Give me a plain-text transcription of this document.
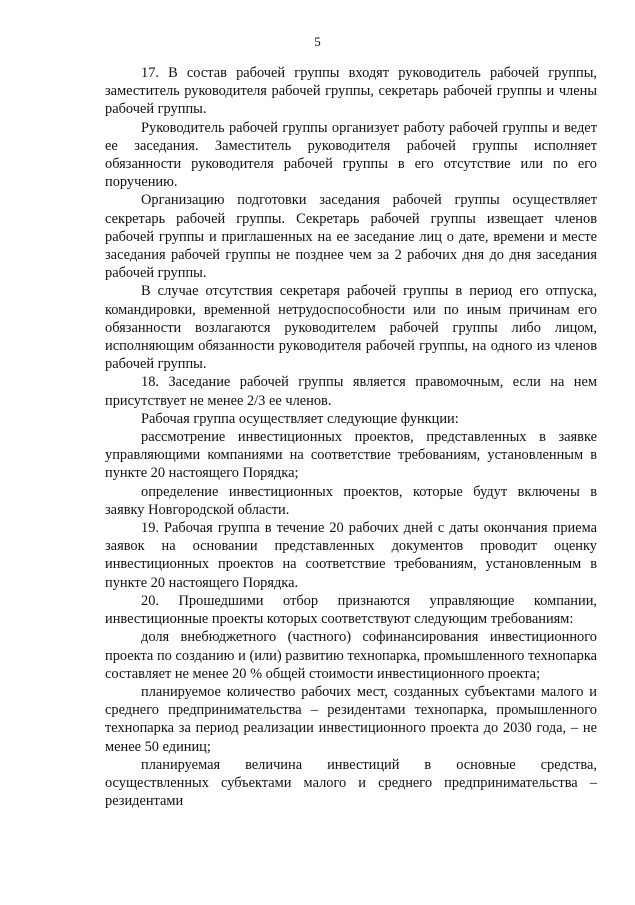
5

17. В состав рабочей группы входят руководитель рабочей группы, заместитель руководителя рабочей группы, секретарь рабочей группы и члены рабочей группы.

Руководитель рабочей группы организует работу рабочей группы и ведет ее заседания. Заместитель руководителя рабочей группы исполняет обязанности руководителя рабочей группы в его отсутствие или по его поручению.

Организацию подготовки заседания рабочей группы осуществляет секретарь рабочей группы. Секретарь рабочей группы извещает членов рабочей группы и приглашенных на ее заседание лиц о дате, времени и месте заседания рабочей группы не позднее чем за 2 рабочих дня до дня заседания рабочей группы.

В случае отсутствия секретаря рабочей группы в период его отпуска, командировки, временной нетрудоспособности или по иным причинам его обязанности возлагаются руководителем рабочей группы либо лицом, исполняющим обязанности руководителя рабочей группы, на одного из членов рабочей группы.

18. Заседание рабочей группы является правомочным, если на нем присутствует не менее 2/3 ее членов.

Рабочая группа осуществляет следующие функции:

рассмотрение инвестиционных проектов, представленных в заявке управляющими компаниями на соответствие требованиям, установленным в пункте 20 настоящего Порядка;

определение инвестиционных проектов, которые будут включены в заявку Новгородской области.

19. Рабочая группа в течение 20 рабочих дней с даты окончания приема заявок на основании представленных документов проводит оценку инвестиционных проектов на соответствие требованиям, установленным в пункте 20 настоящего Порядка.

20. Прошедшими отбор признаются управляющие компании, инвестиционные проекты которых соответствуют следующим требованиям:

доля внебюджетного (частного) софинансирования инвестиционного проекта по созданию и (или) развитию технопарка, промышленного технопарка составляет не менее 20 % общей стоимости инвестиционного проекта;

планируемое количество рабочих мест, созданных субъектами малого и среднего предпринимательства – резидентами технопарка, промышленного технопарка за период реализации инвестиционного проекта до 2030 года, – не менее 50 единиц;

планируемая величина инвестиций в основные средства, осуществленных субъектами малого и среднего предпринимательства – резидентами
